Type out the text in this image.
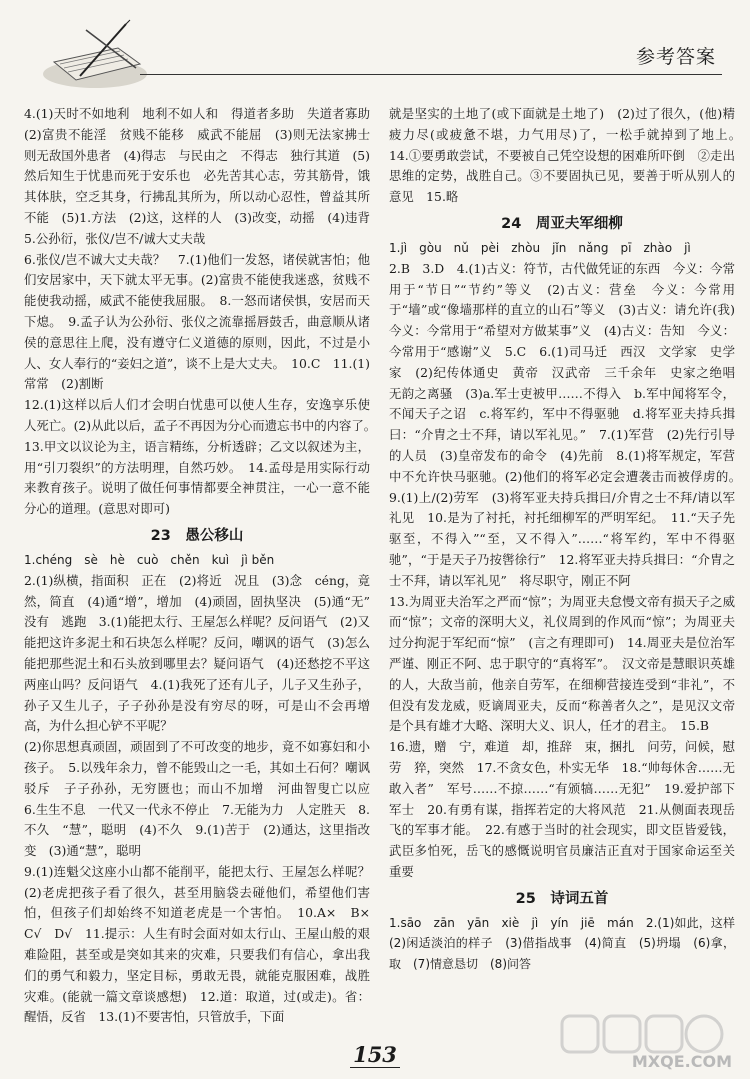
参考答案

4.(1)天时不如地利　地利不如人和　得道者多助　失道者寡助　(2)富贵不能淫　贫贱不能移　威武不能屈　(3)则无法家拂士　则无敌国外患者　(4)得志　与民由之　不得志　独行其道　(5)然后知生于忧患而死于安乐也　必先苦其心志，劳其筋骨，饿其体肤，空乏其身，行拂乱其所为，所以动心忍性，曾益其所不能　(5)1.方法　(2)这，这样的人　(3)改变，动摇　(4)违背　5.公孙衍，张仪/岂不/诚大丈夫哉

6.张仪/岂不诚大丈夫哉？　7.(1)他们一发怒，诸侯就害怕；他们安居家中，天下就太平无事。(2)富贵不能使我迷惑，贫贱不能使我动摇，威武不能使我屈服。　8.一怒而诸侯惧，安居而天下熄。　9.孟子认为公孙衍、张仪之流靠摇唇鼓舌，曲意顺从诸侯的意思往上爬，没有遵守仁义道德的原则，因此，不过是小人、女人奉行的“妾妇之道”，谈不上是大丈夫。　10.C　11.(1)常常　(2)割断

12.(1)这样以后人们才会明白忧患可以使人生存，安逸享乐使人死亡。(2)从此以后，孟子不再因为分心而遗忘书中的内容了。　13.甲文以议论为主，语言精练，分析透辟；乙文以叙述为主，用“引刀裂织”的方法明理，自然巧妙。　14.孟母是用实际行动来教育孩子。说明了做任何事情都要全神贯注，一心一意不能分心的道理。(意思对即可)

23　愚公移山

1.chéng　sè　hè　cuò　chěn　kuì　jì běn

2.(1)纵横，指面积　正在　(2)将近　况且　(3)念　céng，竟然，简直　(4)通“增”，增加　(4)顽固，固执坚决　(5)通“无”　没有　逃跑　3.(1)能把太行、王屋怎么样呢？反问语气　(2)又能把这许多泥土和石块怎么样呢？反问，嘲讽的语气　(3)怎么能把那些泥土和石头放到哪里去？疑问语气　(4)还愁挖不平这两座山吗？反问语气　4.(1)我死了还有儿子，儿子又生孙子，孙子又生儿子，子子孙孙是没有穷尽的呀，可是山不会再增高，为什么担心铲不平呢？

(2)你思想真顽固，顽固到了不可改变的地步，竟不如寡妇和小孩子。　5.以残年余力，曾不能毁山之一毛，其如土石何？嘲讽　驳斥　子子孙孙，无穷匮也；而山不加增　河曲智叟亡以应　6.生生不息　一代又一代永不停止　7.无能为力　人定胜天　8.不久　“慧”，聪明　(4)不久　9.(1)苦于　(2)通达，这里指改变　(3)通“慧”，聪明

9.(1)连魁父这座小山都不能削平，能把太行、王屋怎么样呢？(2)老虎把孩子看了很久，甚至用脑袋去碰他们，希望他们害怕，但孩子们却始终不知道老虎是一个害怕。　10.A×　B×　C√　D√　11.提示：人生有时会面对如太行山、王屋山般的艰难险阻，甚至或是突如其来的灾难，只要我们有信心，拿出我们的勇气和毅力，坚定目标，勇敢无畏，就能克服困难，战胜灾难。(能就一篇文章谈感想)　12.道：取道，过(或走)。省：醒悟，反省　13.(1)不要害怕，只管放手，下面

就是坚实的土地了(或下面就是土地了)　(2)过了很久，(他)精疲力尽(或疲惫不堪，力气用尽)了，一松手就掉到了地上。　14.①要勇敢尝试，不要被自己凭空设想的困难所吓倒　②走出思维的定势，战胜自己。③不要固执已见，要善于听从别人的意见　15.略

24　周亚夫军细柳

1.jì　gòu　nǔ　pèi　zhòu　jǐn　nǎng　pī　zhào　jì

2.B　3.D　4.(1)古义：符节，古代做凭证的东西　今义：今常用于“节日”“节约”等义　(2)古义：营垒　今义：今常用于“墙”或“像墙那样的直立的山石”等义　(3)古义：请允许(我)　今义：今常用于“希望对方做某事”义　(4)古义：告知　今义：今常用于“感谢”义　5.C　6.(1)司马迁　西汉　文学家　史学家　(2)纪传体通史　黄帝　汉武帝　三千余年　史家之绝唱　无韵之离骚　(3)a.军士吏被甲……不得入　b.军中闻将军令，不闻天子之诏　c.将军约，军中不得驱驰　d.将军亚夫持兵揖曰：“介胄之士不拜，请以军礼见。”　7.(1)军营　(2)先行引导的人员　(3)皇帝发布的命令　(4)先前　8.(1)将军规定，军营中不允许快马驱驰。(2)他们的将军必定会遭袭击而被俘虏的。　9.(1)上/(2)劳军　(3)将军亚夫持兵揖曰/介胄之士不拜/请以军礼见　10.是为了衬托，衬托细柳军的严明军纪。　11.“天子先驱至，不得入”“至，又不得入”……“将军约，军中不得驱驰”，“于是天子乃按辔徐行”　12.将军亚夫持兵揖曰：“介胄之士不拜，请以军礼见”　将尽职守，刚正不阿

13.为周亚夫治军之严而“惊”；为周亚夫怠慢文帝有损天子之威而“惊”；文帝的深明大义，礼仪周到的作风而“惊”；为周亚夫过分拘泥于军纪而“惊”　(言之有理即可)　14.周亚夫是位治军严谨、刚正不阿、忠于职守的“真将军”。　汉文帝是慧眼识英雄的人，大敌当前，他亲自劳军，在细柳营接连受到“非礼”，不但没有发龙威，贬谪周亚夫，反而“称善者久之”，是见汉文帝是个具有雄才大略、深明大义、识人，任才的君主。　15.B

16.遗，赠　宁，难道　却，推辞　束，捆扎　问劳，问候，慰劳　猝，突然　17.不贪女色，朴实无华　18.“帅每休舍……无敢入者”　军号……不掠……“有颁犒……无犯”　19.爱护部下　军士　20.有勇有谋，指挥若定的大将风范　21.从侧面表现岳飞的军事才能。　22.有感于当时的社会现实，即文臣皆爱钱，武臣多怕死，岳飞的感慨说明官员廉洁正直对于国家命运至关重要

25　诗词五首

1.sāo　zān　yān　xiè　jì　yín　jiē　mán　2.(1)如此，这样　(2)闲适淡泊的样子　(3)借指战事　(4)简直　(5)坍塌　(6)拿，取　(7)情意恳切　(8)问答

153	MXQE.COM
